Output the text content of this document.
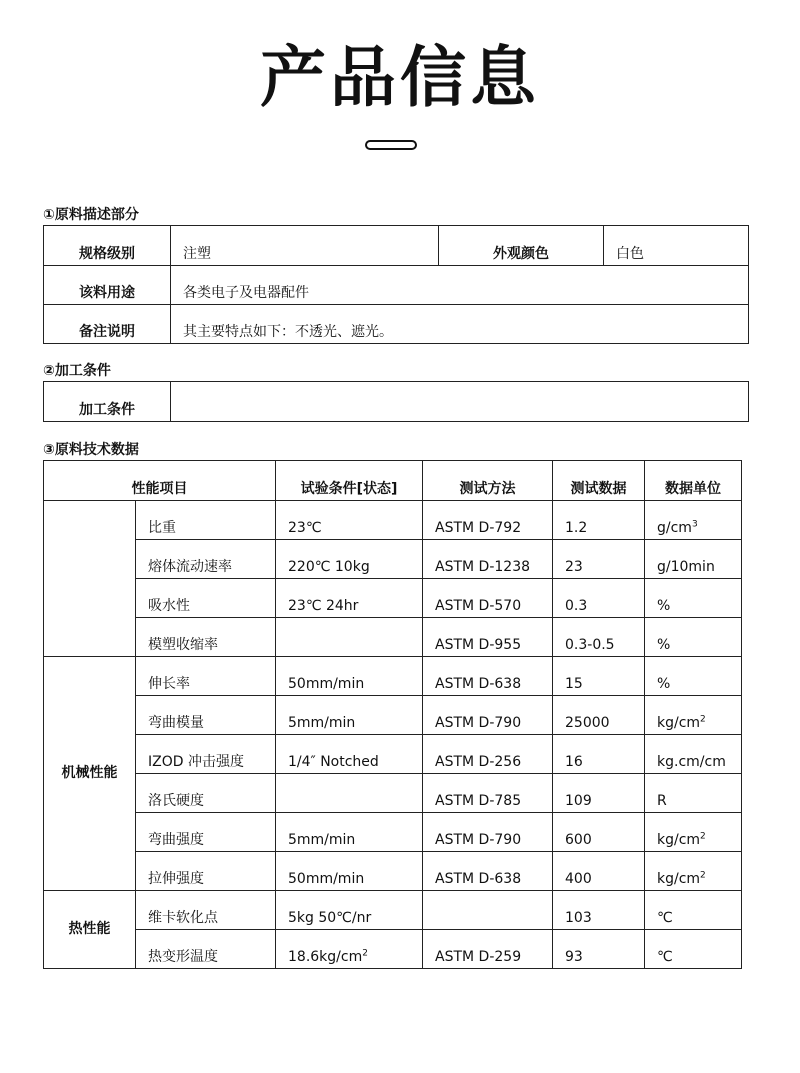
产品信息
①原料描述部分
规格级别	注塑	外观颜色	白色
该料用途	各类电子及电器配件		
备注说明	其主要特点如下：不透光、遮光。		
②加工条件
加工条件	
③原料技术数据
性能项目		试验条件[状态]	测试方法	测试数据	数据单位
	比重	23℃	ASTM D-792	1.2	$g/cm^3$
	熔体流动速率	220℃ 10kg	ASTM D-1238	23	g/10min
	吸水性	23℃ 24hr	ASTM D-570	0.3	%
	模塑收缩率		ASTM D-955	0.3-0.5	%
机械性能	伸长率	50mm/min	ASTM D-638	15	%
	弯曲模量	5mm/min	ASTM D-790	25000	$kg/cm^2$
	IZOD 冲击强度	1/4″ Notched	ASTM D-256	16	kg.cm/cm
	洛氏硬度		ASTM D-785	109	R
	弯曲强度	5mm/min	ASTM D-790	600	$kg/cm^2$
	拉伸强度	50mm/min	ASTM D-638	400	$kg/cm^2$
热性能	维卡软化点	5kg 50℃/nr		103	℃
	热变形温度	$18.6kg/cm^2$	ASTM D-259	93	℃
